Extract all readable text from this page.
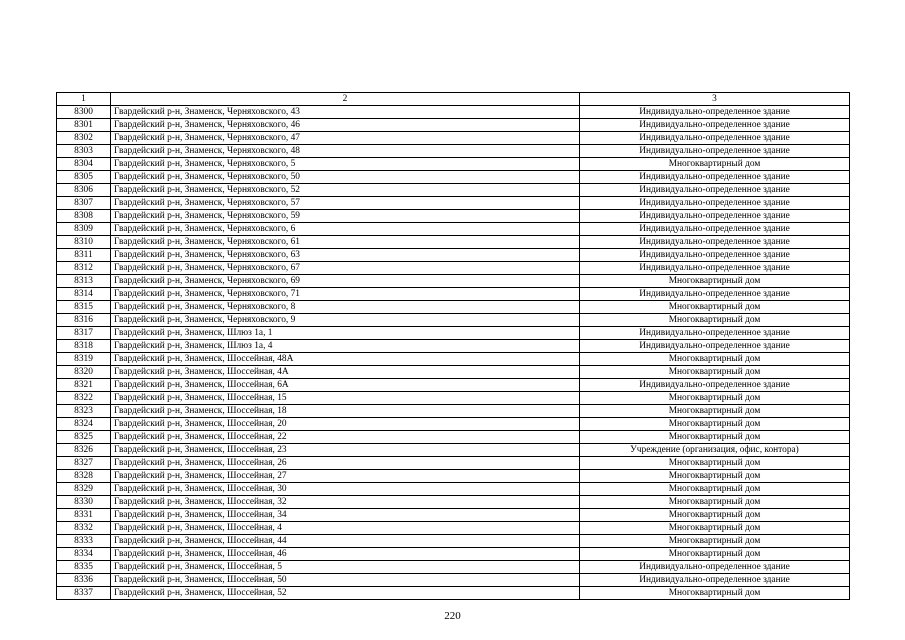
1	2	3
8300	Гвардейский р-н, Знаменск, Черняховского, 43	Индивидуально-определенное здание
8301	Гвардейский р-н, Знаменск, Черняховского, 46	Индивидуально-определенное здание
8302	Гвардейский р-н, Знаменск, Черняховского, 47	Индивидуально-определенное здание
8303	Гвардейский р-н, Знаменск, Черняховского, 48	Индивидуально-определенное здание
8304	Гвардейский р-н, Знаменск, Черняховского, 5	Многоквартирный дом
8305	Гвардейский р-н, Знаменск, Черняховского, 50	Индивидуально-определенное здание
8306	Гвардейский р-н, Знаменск, Черняховского, 52	Индивидуально-определенное здание
8307	Гвардейский р-н, Знаменск, Черняховского, 57	Индивидуально-определенное здание
8308	Гвардейский р-н, Знаменск, Черняховского, 59	Индивидуально-определенное здание
8309	Гвардейский р-н, Знаменск, Черняховского, 6	Индивидуально-определенное здание
8310	Гвардейский р-н, Знаменск, Черняховского, 61	Индивидуально-определенное здание
8311	Гвардейский р-н, Знаменск, Черняховского, 63	Индивидуально-определенное здание
8312	Гвардейский р-н, Знаменск, Черняховского, 67	Индивидуально-определенное здание
8313	Гвардейский р-н, Знаменск, Черняховского, 69	Многоквартирный дом
8314	Гвардейский р-н, Знаменск, Черняховского, 71	Индивидуально-определенное здание
8315	Гвардейский р-н, Знаменск, Черняховского, 8	Многоквартирный дом
8316	Гвардейский р-н, Знаменск, Черняховского, 9	Многоквартирный дом
8317	Гвардейский р-н, Знаменск, Шлюз 1а, 1	Индивидуально-определенное здание
8318	Гвардейский р-н, Знаменск, Шлюз 1а, 4	Индивидуально-определенное здание
8319	Гвардейский р-н, Знаменск, Шоссейная, 48А	Многоквартирный дом
8320	Гвардейский р-н, Знаменск, Шоссейная, 4А	Многоквартирный дом
8321	Гвардейский р-н, Знаменск, Шоссейная, 6А	Индивидуально-определенное здание
8322	Гвардейский р-н, Знаменск, Шоссейная, 15	Многоквартирный дом
8323	Гвардейский р-н, Знаменск, Шоссейная, 18	Многоквартирный дом
8324	Гвардейский р-н, Знаменск, Шоссейная, 20	Многоквартирный дом
8325	Гвардейский р-н, Знаменск, Шоссейная, 22	Многоквартирный дом
8326	Гвардейский р-н, Знаменск, Шоссейная, 23	Учреждение (организация, офис, контора)
8327	Гвардейский р-н, Знаменск, Шоссейная, 26	Многоквартирный дом
8328	Гвардейский р-н, Знаменск, Шоссейная, 27	Многоквартирный дом
8329	Гвардейский р-н, Знаменск, Шоссейная, 30	Многоквартирный дом
8330	Гвардейский р-н, Знаменск, Шоссейная, 32	Многоквартирный дом
8331	Гвардейский р-н, Знаменск, Шоссейная, 34	Многоквартирный дом
8332	Гвардейский р-н, Знаменск, Шоссейная, 4	Многоквартирный дом
8333	Гвардейский р-н, Знаменск, Шоссейная, 44	Многоквартирный дом
8334	Гвардейский р-н, Знаменск, Шоссейная, 46	Многоквартирный дом
8335	Гвардейский р-н, Знаменск, Шоссейная, 5	Индивидуально-определенное здание
8336	Гвардейский р-н, Знаменск, Шоссейная, 50	Индивидуально-определенное здание
8337	Гвардейский р-н, Знаменск, Шоссейная, 52	Многоквартирный дом
220
